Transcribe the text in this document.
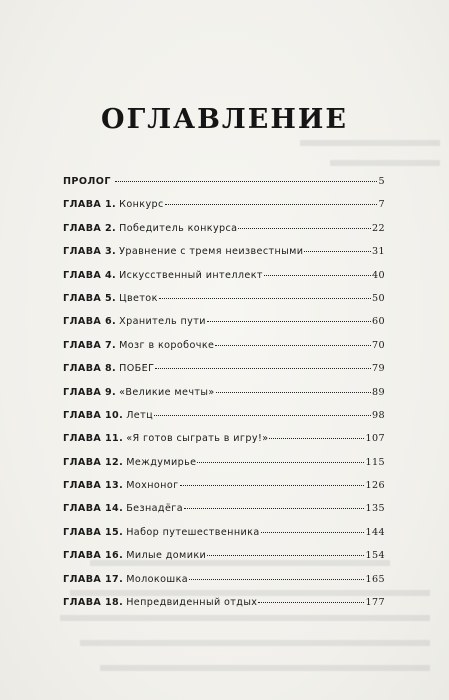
ОГЛАВЛЕНИЕ
ПРОЛОГ	5
ГЛАВА 1. Конкурс	7
ГЛАВА 2. Победитель конкурса	22
ГЛАВА 3. Уравнение с тремя неизвестными	31
ГЛАВА 4. Искусственный интеллект	40
ГЛАВА 5. Цветок	50
ГЛАВА 6. Хранитель пути	60
ГЛАВА 7. Мозг в коробочке	70
ГЛАВА 8. ПОБЕГ	79
ГЛАВА 9. «Великие мечты»	89
ГЛАВА 10. Летц	98
ГЛАВА 11. «Я готов сыграть в игру!»	107
ГЛАВА 12. Междумирье	115
ГЛАВА 13. Мохноног	126
ГЛАВА 14. Безнадёга	135
ГЛАВА 15. Набор путешественника	144
ГЛАВА 16. Милые домики	154
ГЛАВА 17. Молокошка	165
ГЛАВА 18. Непредвиденный отдых	177
